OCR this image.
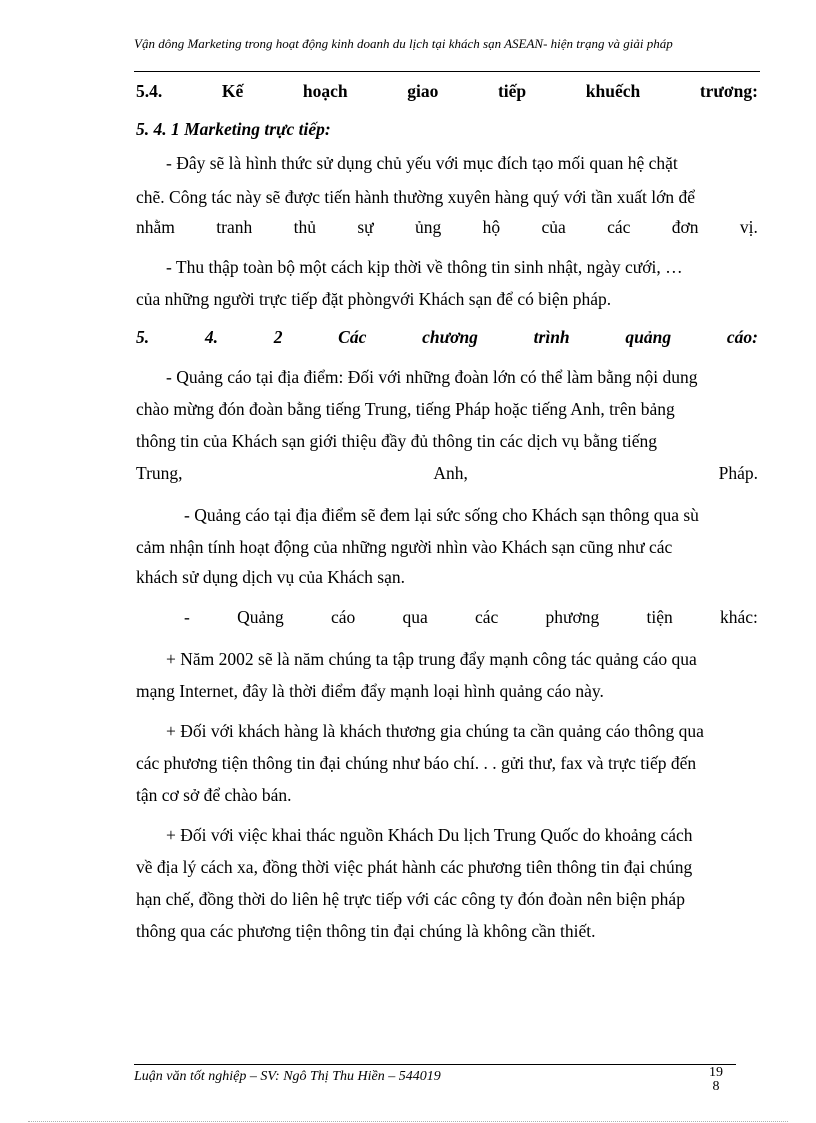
Vận dông Marketing trong hoạt động kinh doanh du lịch tại khách sạn ASEAN- hiện trạng và giải pháp
5.4.	Kế	hoạch	giao	tiếp	khuếch	trương:
5. 4. 1 Marketing trực tiếp:
- Đây sẽ là hình thức sử dụng chủ yếu với mục đích tạo mối quan hệ chặt
chẽ. Công tác này sẽ được tiến hành thường xuyên hàng quý với tần xuất lớn để
nhằm tranh thủ sự ủng hộ của các đơn vị.
- Thu thập toàn bộ một cách kịp thời về thông tin sinh nhật, ngày cưới, …
của những người trực tiếp đặt phòngvới Khách sạn để có biện pháp.
5.	4.	2	Các	chương	trình	quảng	cáo:
- Quảng cáo tại địa điểm: Đối với những đoàn lớn có thể làm bằng nội dung
chào mừng đón đoàn bằng tiếng Trung, tiếng Pháp hoặc tiếng Anh, trên bảng
thông tin của Khách sạn giới thiệu đầy đủ thông tin các dịch vụ bằng tiếng
Trung,	Anh,	Pháp.
- Quảng cáo tại địa điểm sẽ đem lại sức sống cho Khách sạn thông qua sù
cảm nhận tính hoạt động của những người nhìn vào Khách sạn cũng như các
khách sử dụng dịch vụ của Khách sạn.
-	Quảng	cáo	qua	các	phương	tiện	khác:
+ Năm 2002 sẽ là năm chúng ta tập trung đẩy mạnh công tác quảng cáo qua
mạng Internet, đây là thời điểm đẩy mạnh loại hình quảng cáo này.
+ Đối với khách hàng là khách thương gia chúng ta cần quảng cáo thông qua
các phương tiện thông tin đại chúng như báo chí. . . gửi thư, fax và trực tiếp đến
tận cơ sở để chào bán.
+ Đối với việc khai thác nguồn Khách Du lịch Trung Quốc do khoảng cách
về địa lý cách xa, đồng thời việc phát hành các phương tiên thông tin đại chúng
hạn chế, đồng thời do liên hệ trực tiếp với các công ty đón đoàn nên biện pháp
thông qua các phương tiện thông tin đại chúng là không cần thiết.
Luận văn tốt nghiệp – SV: Ngô Thị Thu Hiền – 544019	19
8
